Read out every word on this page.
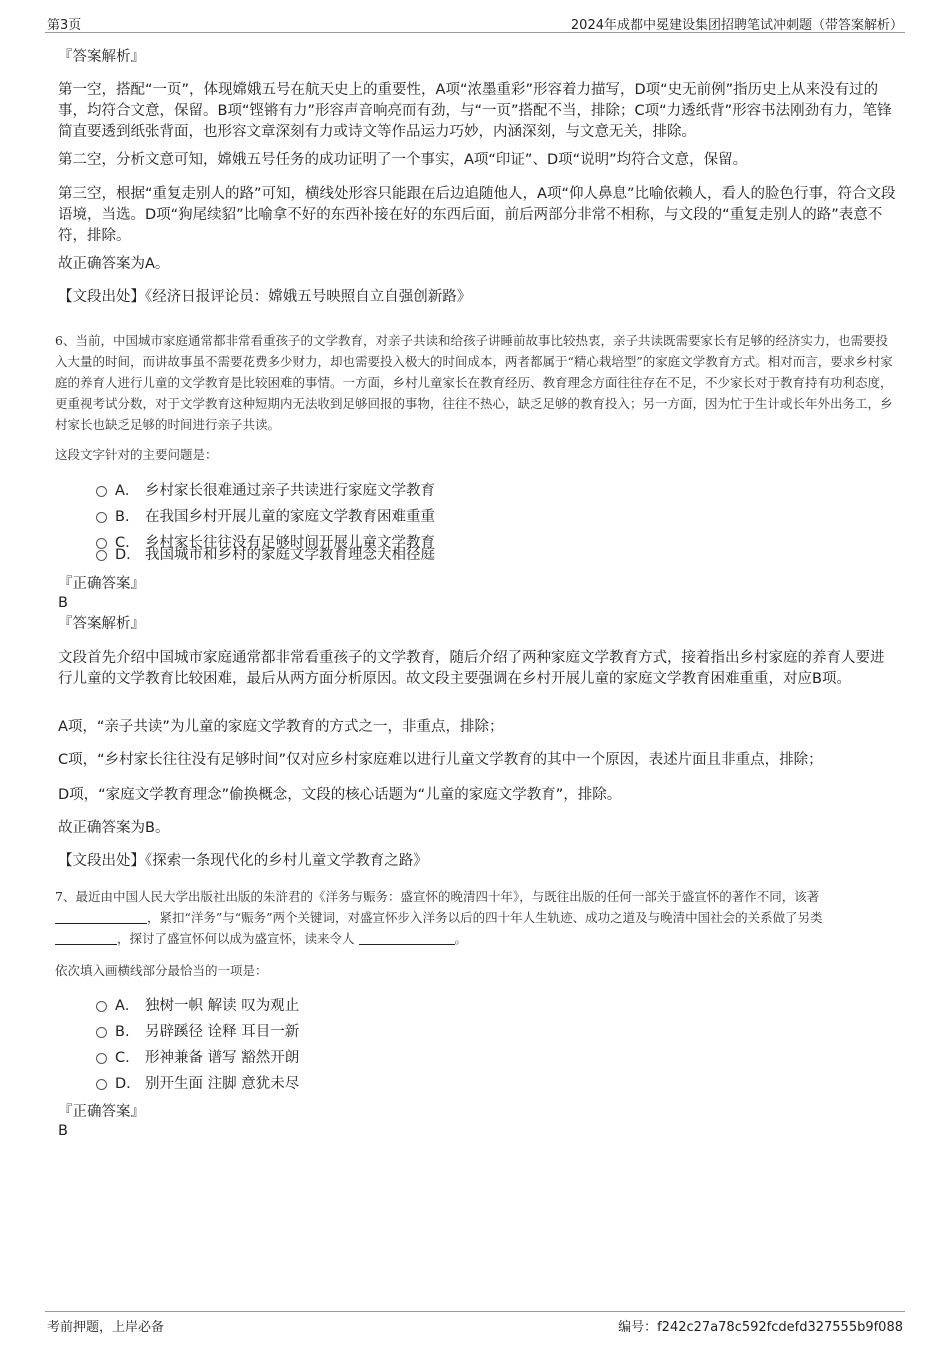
第3页	2024年成都中冕建设集团招聘笔试冲刺题（带答案解析）
『答案解析』
第一空，搭配“一页”，体现嫦娥五号在航天史上的重要性，A项“浓墨重彩”形容着力描写，D项“史无前例”指历史上从来没有过的事，均符合文意，保留。B项“铿锵有力”形容声音响亮而有劲，与“一页”搭配不当，排除；C项“力透纸背”形容书法刚劲有力，笔锋简直要透到纸张背面，也形容文章深刻有力或诗文等作品运力巧妙，内涵深刻，与文意无关，排除。
第二空，分析文意可知，嫦娥五号任务的成功证明了一个事实，A项“印证”、D项“说明”均符合文意，保留。
第三空，根据“重复走别人的路”可知，横线处形容只能跟在后边追随他人，A项“仰人鼻息”比喻依赖人，看人的脸色行事，符合文段语境，当选。D项“狗尾续貂”比喻拿不好的东西补接在好的东西后面，前后两部分非常不相称，与文段的“重复走别人的路”表意不符，排除。
故正确答案为A。
【文段出处】《经济日报评论员：嫦娥五号映照自立自强创新路》
6、当前，中国城市家庭通常都非常看重孩子的文学教育，对亲子共读和给孩子讲睡前故事比较热衷，亲子共读既需要家长有足够的经济实力，也需要投入大量的时间，而讲故事虽不需要花费多少财力，却也需要投入极大的时间成本，两者都属于“精心栽培型”的家庭文学教育方式。相对而言，要求乡村家庭的养育人进行儿童的文学教育是比较困难的事情。一方面，乡村儿童家长在教育经历、教育理念方面往往存在不足，不少家长对于教育持有功利态度，更重视考试分数，对于文学教育这种短期内无法收到足够回报的事物，往往不热心，缺乏足够的教育投入；另一方面，因为忙于生计或长年外出务工，乡村家长也缺乏足够的时间进行亲子共读。
这段文字针对的主要问题是：
A． 乡村家长很难通过亲子共读进行家庭文学教育
B. 在我国乡村开展儿童的家庭文学教育困难重重
C. 乡村家长往往没有足够时间开展儿童文学教育
D. 我国城市和乡村的家庭文学教育理念大相径庭
『正确答案』
B
『答案解析』
文段首先介绍中国城市家庭通常都非常看重孩子的文学教育，随后介绍了两种家庭文学教育方式，接着指出乡村家庭的养育人要进行儿童的文学教育比较困难，最后从两方面分析原因。故文段主要强调在乡村开展儿童的家庭文学教育困难重重，对应B项。
A项，“亲子共读”为儿童的家庭文学教育的方式之一，非重点，排除；
C项，“乡村家长往往没有足够时间”仅对应乡村家庭难以进行儿童文学教育的其中一个原因，表述片面且非重点，排除；
D项，“家庭文学教育理念”偷换概念，文段的核心话题为“儿童的家庭文学教育”，排除。
故正确答案为B。
【文段出处】《探索一条现代化的乡村儿童文学教育之路》
7、最近由中国人民大学出版社出版的朱浒君的《洋务与赈务：盛宣怀的晚清四十年》，与既往出版的任何一部关于盛宣怀的著作不同，该著
，紧扣“洋务”与“赈务”两个关键词，对盛宣怀步入洋务以后的四十年人生轨迹、成功之道及与晚清中国社会的关系做了另类
，探讨了盛宣怀何以成为盛宣怀，读来令人	。
依次填入画横线部分最恰当的一项是：
A． 独树一帜 解读 叹为观止
B. 另辟蹊径 诠释 耳目一新
C. 形神兼备 谱写 豁然开朗
D. 别开生面 注脚 意犹未尽
『正确答案』
B
考前押题，上岸必备	编号：f242c27a78c592fcdefd327555b9f088
